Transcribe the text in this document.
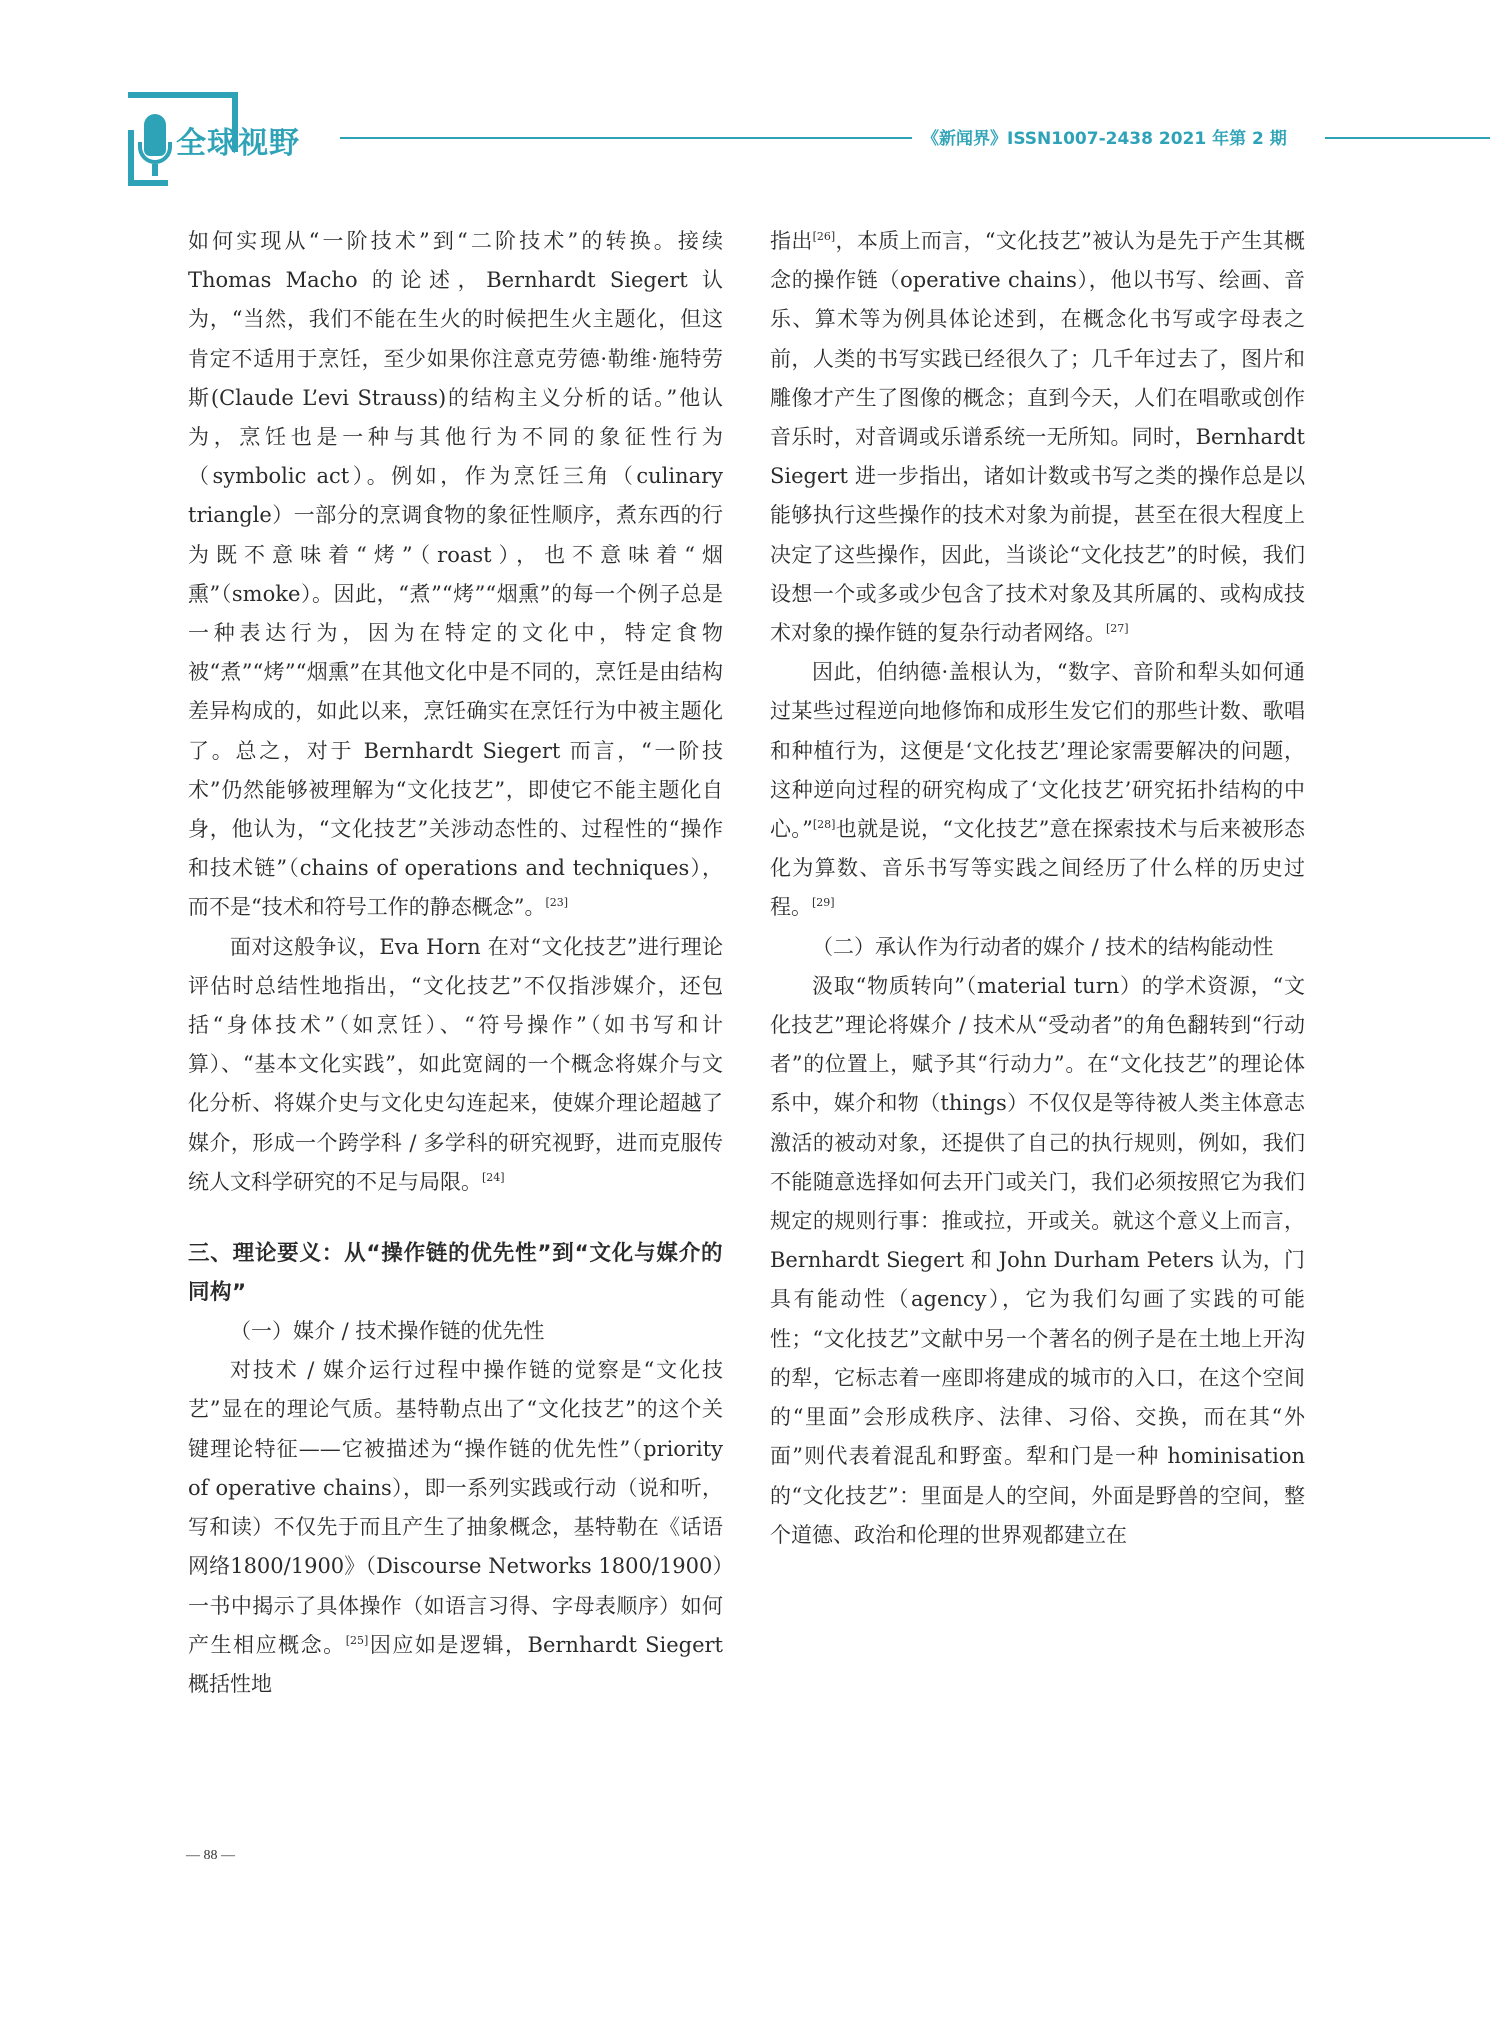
全球视野	《新闻界》ISSN1007-2438 2021 年第 2 期

如何实现从“一阶技术”到“二阶技术”的转换。接续 Thomas Macho 的论述，Bernhardt Siegert 认为，“当然，我们不能在生火的时候把生火主题化，但这肯定不适用于烹饪，至少如果你注意克劳德·勒维·施特劳斯(Claude L’evi Strauss)的结构主义分析的话。”他认为，烹饪也是一种与其他行为不同的象征性行为（symbolic act）。例如，作为烹饪三角（culinary triangle）一部分的烹调食物的象征性顺序，煮东西的行为既不意味着“烤”（roast），也不意味着“烟熏”（smoke）。因此，“煮”“烤”“烟熏”的每一个例子总是一种表达行为，因为在特定的文化中，特定食物被“煮”“烤”“烟熏”在其他文化中是不同的，烹饪是由结构差异构成的，如此以来，烹饪确实在烹饪行为中被主题化了。总之，对于 Bernhardt Siegert 而言，“一阶技术”仍然能够被理解为“文化技艺”，即使它不能主题化自身，他认为，“文化技艺”关涉动态性的、过程性的“操作和技术链”（chains of operations and techniques），而不是“技术和符号工作的静态概念”。[23]

面对这般争议，Eva Horn 在对“文化技艺”进行理论评估时总结性地指出，“文化技艺”不仅指涉媒介，还包括“身体技术”（如烹饪）、“符号操作”（如书写和计算）、“基本文化实践”，如此宽阔的一个概念将媒介与文化分析、将媒介史与文化史勾连起来，使媒介理论超越了媒介，形成一个跨学科 / 多学科的研究视野，进而克服传统人文科学研究的不足与局限。[24]

三、理论要义：从“操作链的优先性”到“文化与媒介的同构”

（一）媒介 / 技术操作链的优先性

对技术 / 媒介运行过程中操作链的觉察是“文化技艺”显在的理论气质。基特勒点出了“文化技艺”的这个关键理论特征——它被描述为“操作链的优先性”（priority of operative chains），即一系列实践或行动（说和听，写和读）不仅先于而且产生了抽象概念，基特勒在《话语网络1800/1900》（Discourse Networks 1800/1900）一书中揭示了具体操作（如语言习得、字母表顺序）如何产生相应概念。[25]因应如是逻辑，Bernhardt Siegert 概括性地

指出[26]，本质上而言，“文化技艺”被认为是先于产生其概念的操作链（operative chains），他以书写、绘画、音乐、算术等为例具体论述到，在概念化书写或字母表之前，人类的书写实践已经很久了；几千年过去了，图片和雕像才产生了图像的概念；直到今天，人们在唱歌或创作音乐时，对音调或乐谱系统一无所知。同时，Bernhardt Siegert 进一步指出，诸如计数或书写之类的操作总是以能够执行这些操作的技术对象为前提，甚至在很大程度上决定了这些操作，因此，当谈论“文化技艺”的时候，我们设想一个或多或少包含了技术对象及其所属的、或构成技术对象的操作链的复杂行动者网络。[27]

因此，伯纳德·盖根认为，“数字、音阶和犁头如何通过某些过程逆向地修饰和成形生发它们的那些计数、歌唱和种植行为，这便是‘文化技艺’理论家需要解决的问题，这种逆向过程的研究构成了‘文化技艺’研究拓扑结构的中心。”[28]也就是说，“文化技艺”意在探索技术与后来被形态化为算数、音乐书写等实践之间经历了什么样的历史过程。[29]

（二）承认作为行动者的媒介 / 技术的结构能动性

汲取“物质转向”（material turn）的学术资源，“文化技艺”理论将媒介 / 技术从“受动者”的角色翻转到“行动者”的位置上，赋予其“行动力”。在“文化技艺”的理论体系中，媒介和物（things）不仅仅是等待被人类主体意志激活的被动对象，还提供了自己的执行规则，例如，我们不能随意选择如何去开门或关门，我们必须按照它为我们规定的规则行事：推或拉，开或关。就这个意义上而言，Bernhardt Siegert 和 John Durham Peters 认为，门具有能动性（agency），它为我们勾画了实践的可能性；“文化技艺”文献中另一个著名的例子是在土地上开沟的犁，它标志着一座即将建成的城市的入口，在这个空间的“里面”会形成秩序、法律、习俗、交换，而在其“外面”则代表着混乱和野蛮。犁和门是一种 hominisation 的“文化技艺”：里面是人的空间，外面是野兽的空间，整个道德、政治和伦理的世界观都建立在

— 88 —
